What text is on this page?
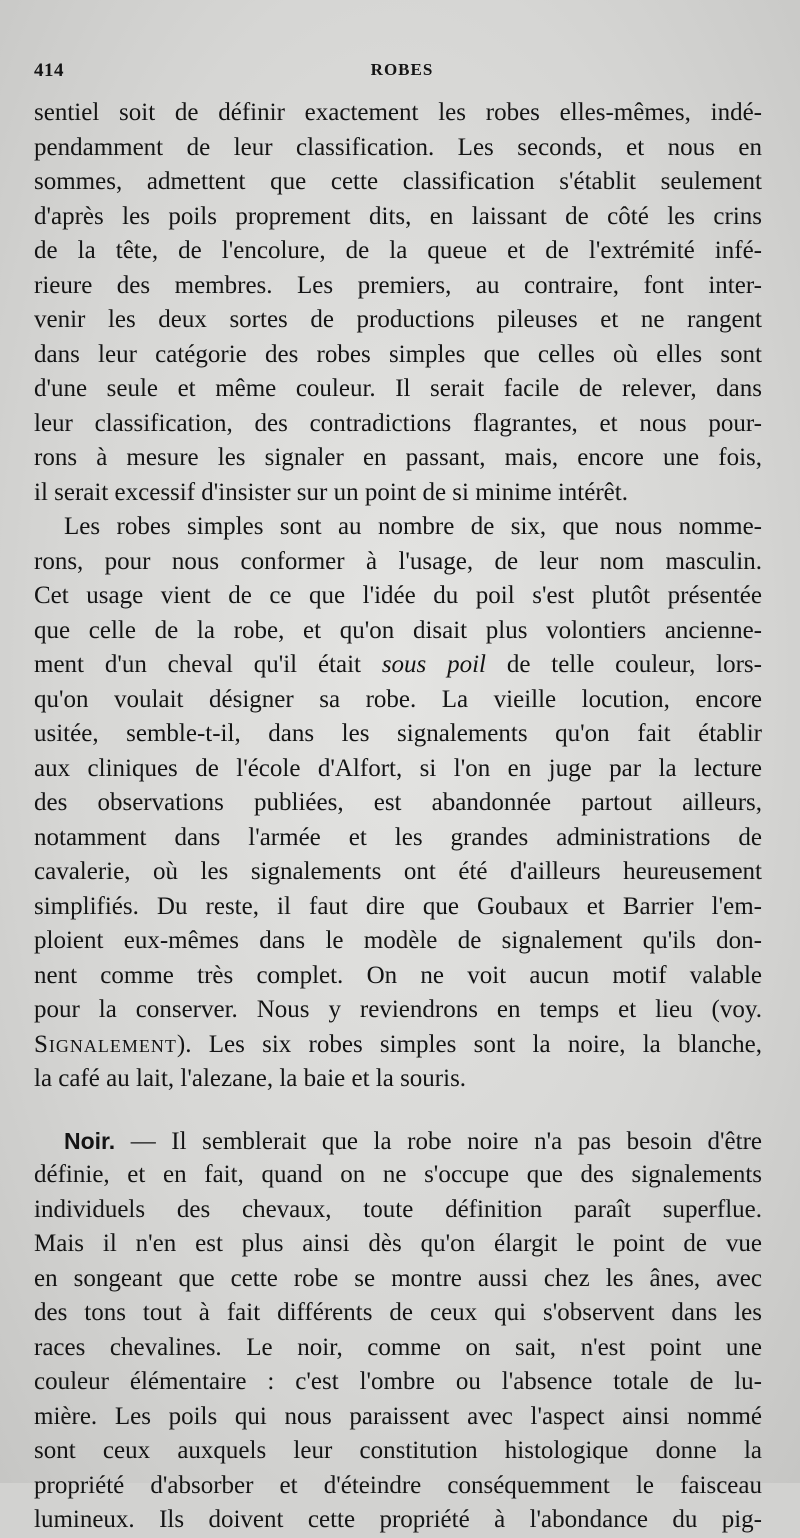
414	ROBES
sentiel soit de définir exactement les robes elles-mêmes, indé-
pendamment de leur classification. Les seconds, et nous en
sommes, admettent que cette classification s'établit seulement
d'après les poils proprement dits, en laissant de côté les crins
de la tête, de l'encolure, de la queue et de l'extrémité infé-
rieure des membres. Les premiers, au contraire, font inter-
venir les deux sortes de productions pileuses et ne rangent
dans leur catégorie des robes simples que celles où elles sont
d'une seule et même couleur. Il serait facile de relever, dans
leur classification, des contradictions flagrantes, et nous pour-
rons à mesure les signaler en passant, mais, encore une fois,
il serait excessif d'insister sur un point de si minime intérêt.
Les robes simples sont au nombre de six, que nous nomme-
rons, pour nous conformer à l'usage, de leur nom masculin.
Cet usage vient de ce que l'idée du poil s'est plutôt présentée
que celle de la robe, et qu'on disait plus volontiers ancienne-
ment d'un cheval qu'il était sous poil de telle couleur, lors-
qu'on voulait désigner sa robe. La vieille locution, encore
usitée, semble-t-il, dans les signalements qu'on fait établir
aux cliniques de l'école d'Alfort, si l'on en juge par la lecture
des observations publiées, est abandonnée partout ailleurs,
notamment dans l'armée et les grandes administrations de
cavalerie, où les signalements ont été d'ailleurs heureusement
simplifiés. Du reste, il faut dire que Goubaux et Barrier l'em-
ploient eux-mêmes dans le modèle de signalement qu'ils don-
nent comme très complet. On ne voit aucun motif valable
pour la conserver. Nous y reviendrons en temps et lieu (voy.
Signalement). Les six robes simples sont la noire, la blanche,
la café au lait, l'alezane, la baie et la souris.
Noir. — Il semblerait que la robe noire n'a pas besoin d'être
définie, et en fait, quand on ne s'occupe que des signalements
individuels des chevaux, toute définition paraît superflue.
Mais il n'en est plus ainsi dès qu'on élargit le point de vue
en songeant que cette robe se montre aussi chez les ânes, avec
des tons tout à fait différents de ceux qui s'observent dans les
races chevalines. Le noir, comme on sait, n'est point une
couleur élémentaire : c'est l'ombre ou l'absence totale de lu-
mière. Les poils qui nous paraissent avec l'aspect ainsi nommé
sont ceux auxquels leur constitution histologique donne la
propriété d'absorber et d'éteindre conséquemment le faisceau
lumineux. Ils doivent cette propriété à l'abondance du pig-
